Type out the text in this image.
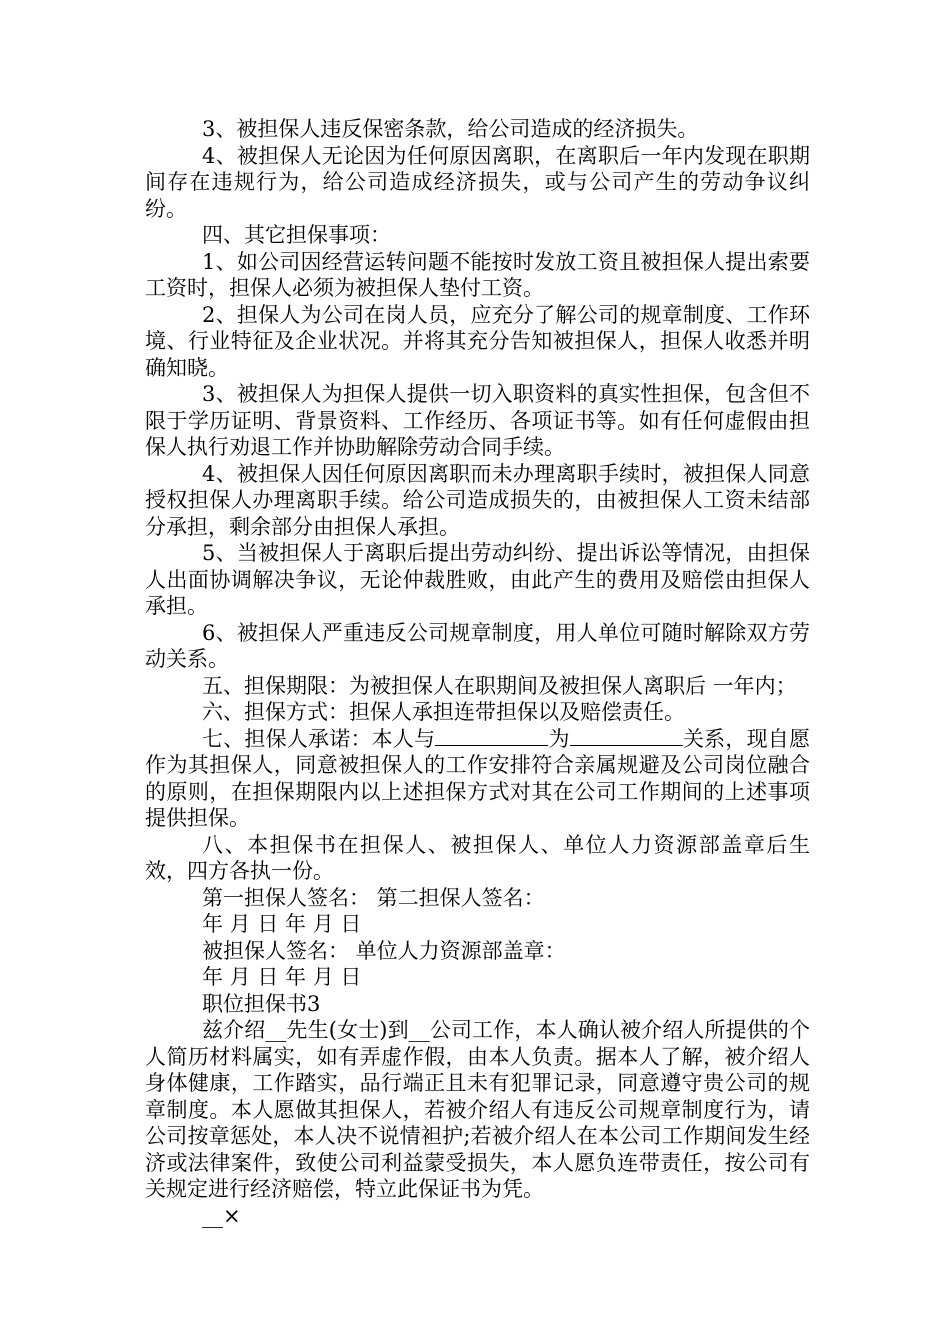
3、被担保人违反保密条款，给公司造成的经济损失。

4、被担保人无论因为任何原因离职，在离职后一年内发现在职期间存在违规行为，给公司造成经济损失，或与公司产生的劳动争议纠纷。

四、其它担保事项：

1、如公司因经营运转问题不能按时发放工资且被担保人提出索要工资时，担保人必须为被担保人垫付工资。

2、担保人为公司在岗人员，应充分了解公司的规章制度、工作环境、行业特征及企业状况。并将其充分告知被担保人，担保人收悉并明确知晓。

3、被担保人为担保人提供一切入职资料的真实性担保，包含但不限于学历证明、背景资料、工作经历、各项证书等。如有任何虚假由担保人执行劝退工作并协助解除劳动合同手续。

4、被担保人因任何原因离职而未办理离职手续时，被担保人同意授权担保人办理离职手续。给公司造成损失的，由被担保人工资未结部分承担，剩余部分由担保人承担。

5、当被担保人于离职后提出劳动纠纷、提出诉讼等情况，由担保人出面协调解决争议，无论仲裁胜败，由此产生的费用及赔偿由担保人承担。

6、被担保人严重违反公司规章制度，用人单位可随时解除双方劳动关系。

五、担保期限：为被担保人在职期间及被担保人离职后 一年内；

六、担保方式：担保人承担连带担保以及赔偿责任。

七、担保人承诺：本人与	为	关系，现自愿作为其担保人，同意被担保人的工作安排符合亲属规避及公司岗位融合的原则，在担保期限内以上述担保方式对其在公司工作期间的上述事项提供担保。

八、本担保书在担保人、被担保人、单位人力资源部盖章后生效，四方各执一份。

第一担保人签名： 第二担保人签名：

年 月 日 年 月 日

被担保人签名： 单位人力资源部盖章：

年 月 日 年 月 日

职位担保书3

兹介绍__先生(女士)到__公司工作，本人确认被介绍人所提供的个人简历材料属实，如有弄虚作假，由本人负责。据本人了解，被介绍人身体健康，工作踏实，品行端正且未有犯罪记录，同意遵守贵公司的规章制度。本人愿做其担保人，若被介绍人有违反公司规章制度行为，请公司按章惩处，本人决不说情袒护;若被介绍人在本公司工作期间发生经济或法律案件，致使公司利益蒙受损失，本人愿负连带责任，按公司有关规定进行经济赔偿，特立此保证书为凭。

__×
